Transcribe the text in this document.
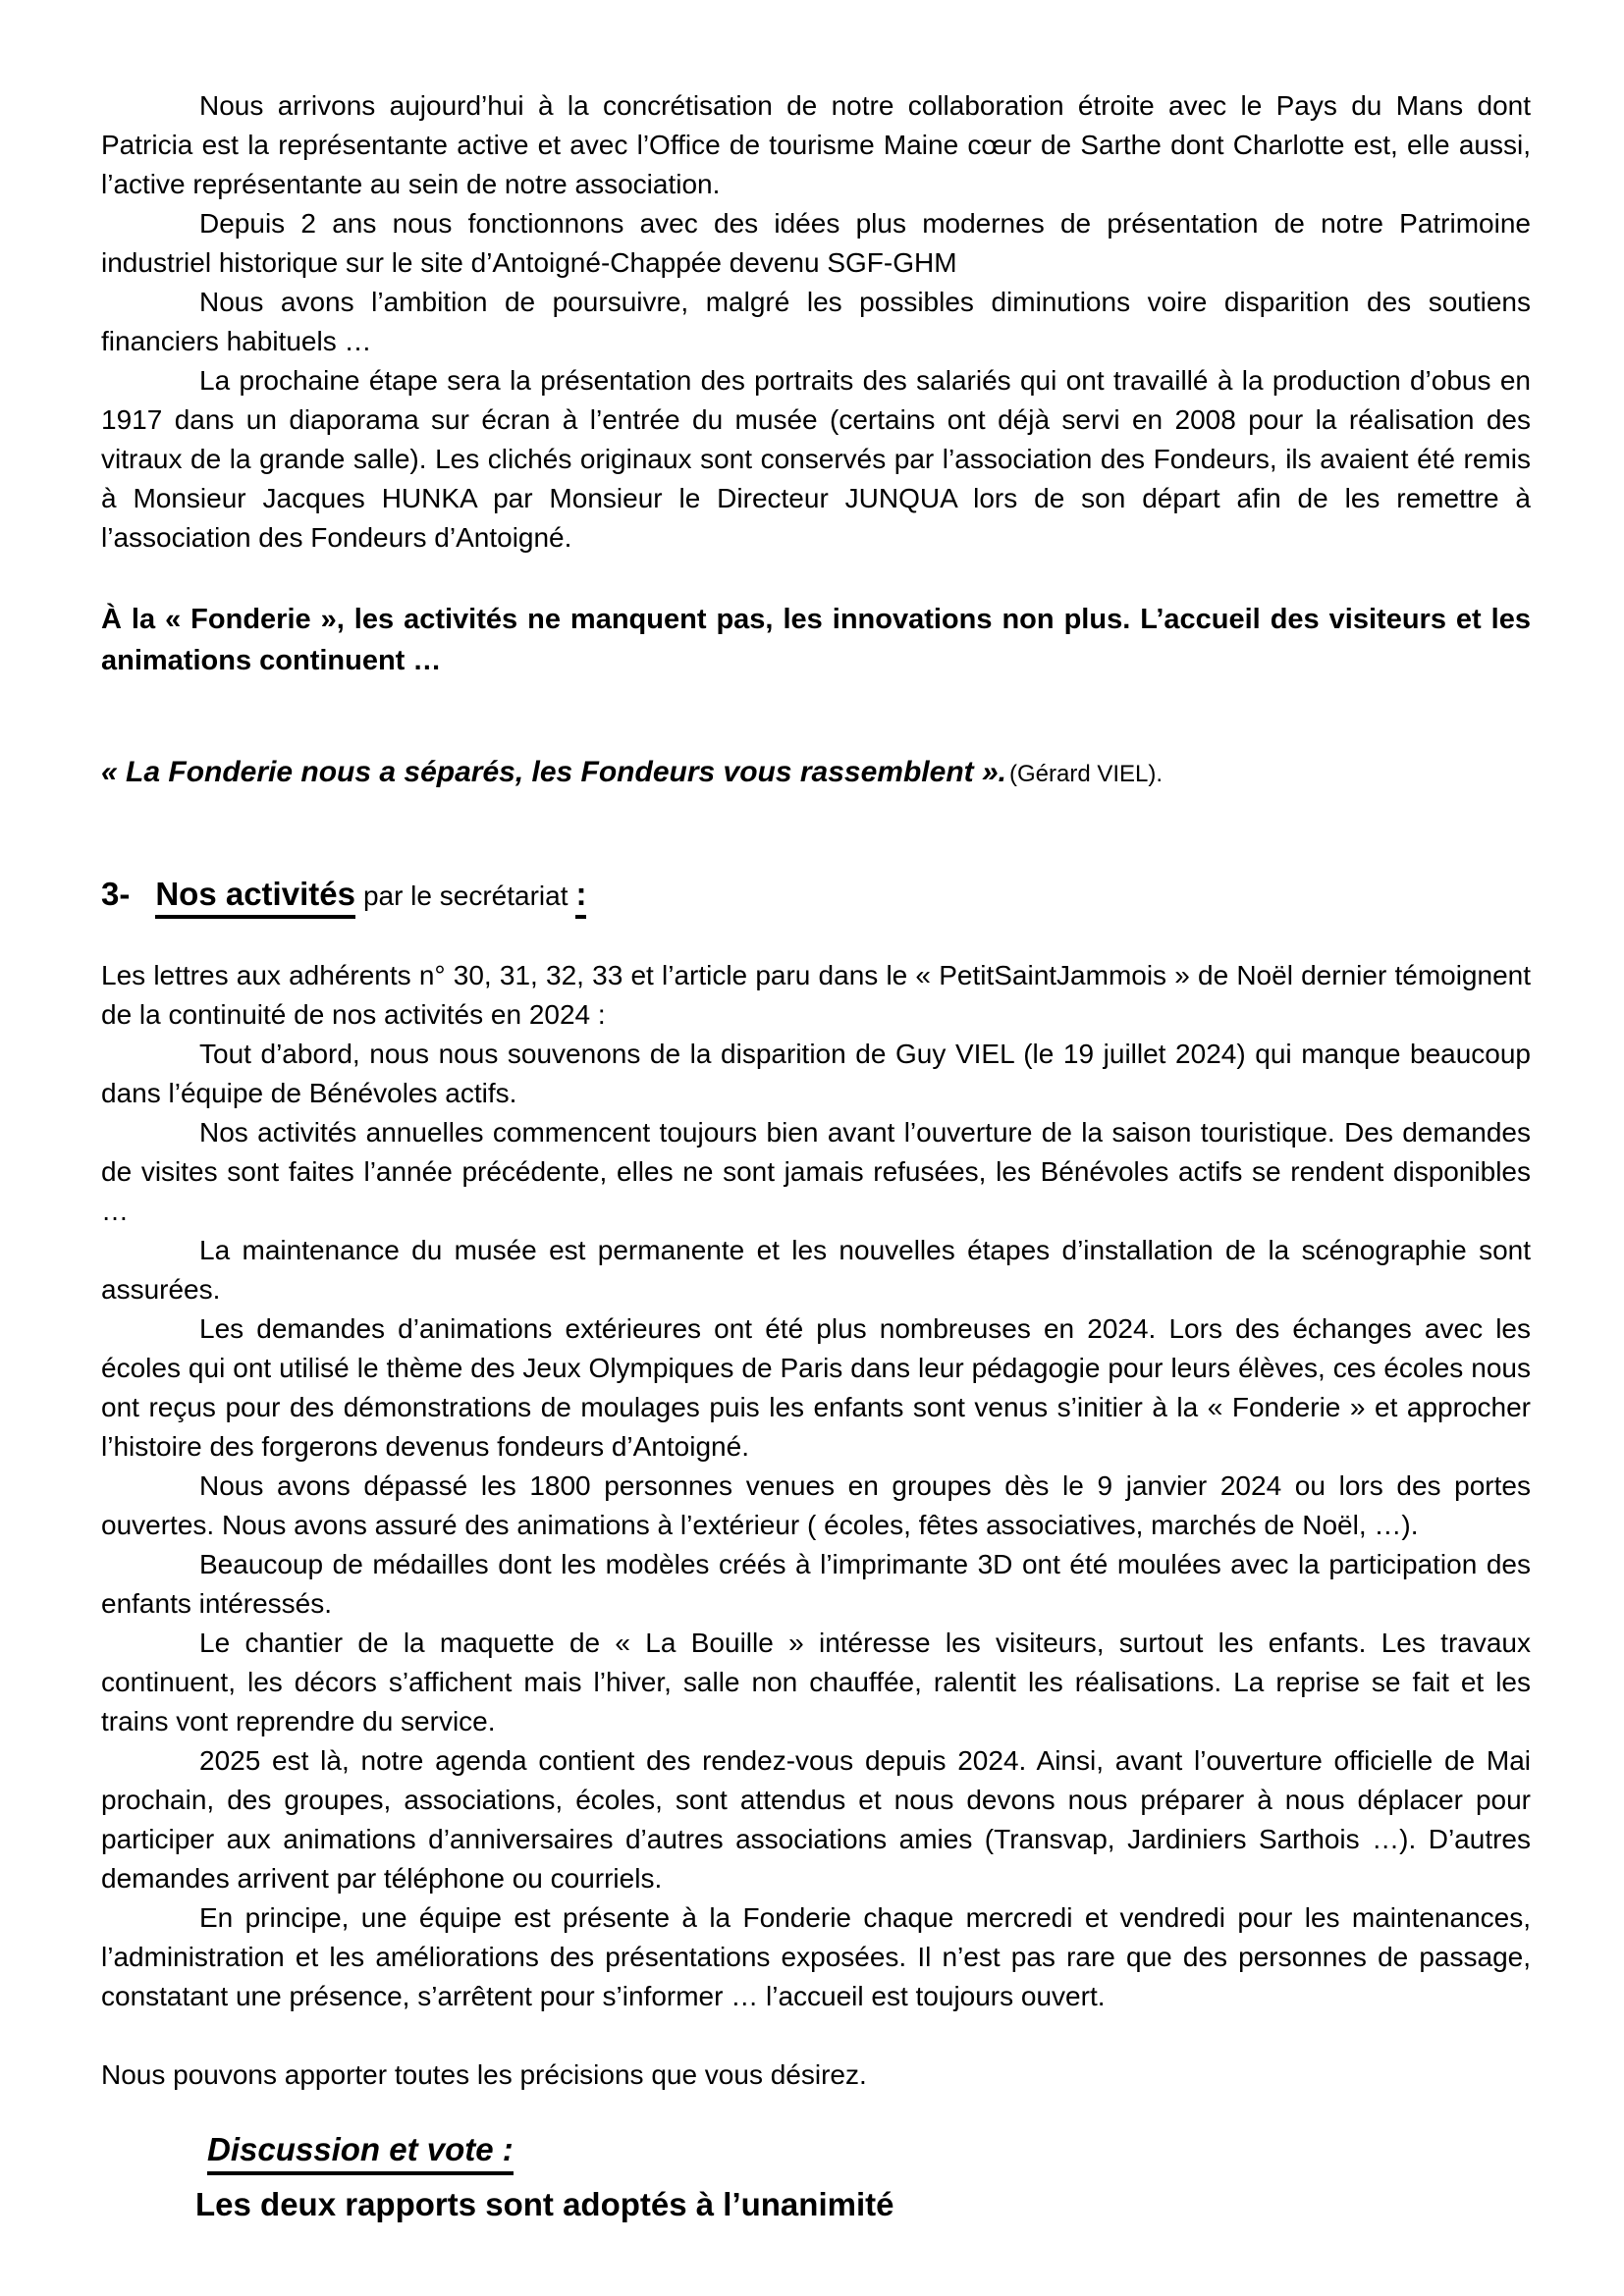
Nous arrivons aujourd’hui à la concrétisation de notre collaboration étroite avec le Pays du Mans dont Patricia est la représentante active et avec l’Office de tourisme Maine cœur de Sarthe dont Charlotte est, elle aussi, l’active représentante au sein de notre association.

Depuis 2 ans nous fonctionnons avec des idées plus modernes de présentation de notre Patrimoine industriel historique sur le site d’Antoigné-Chappée devenu SGF-GHM

Nous avons l’ambition de poursuivre, malgré les possibles diminutions voire disparition des soutiens financiers habituels …

La prochaine étape sera la présentation des portraits des salariés qui ont travaillé à la production d’obus en 1917 dans un diaporama sur écran à l’entrée du musée (certains ont déjà servi en 2008 pour la réalisation des vitraux de la grande salle). Les clichés originaux sont conservés par l’association des Fondeurs, ils avaient été remis à Monsieur Jacques HUNKA par Monsieur le Directeur JUNQUA lors de son départ afin de les remettre à l’association des Fondeurs d’Antoigné.

À la « Fonderie », les activités ne manquent pas, les innovations non plus. L’accueil des visiteurs et les animations continuent …
« La Fonderie nous a séparés, les Fondeurs vous rassemblent ». (Gérard VIEL).
3- Nos activités par le secrétariat :

Les lettres aux adhérents n° 30, 31, 32, 33 et l’article paru dans le « PetitSaintJammois » de Noël dernier témoignent de la continuité de nos activités en 2024 :

Tout d’abord, nous nous souvenons de la disparition de Guy VIEL (le 19 juillet 2024) qui manque beaucoup dans l’équipe de Bénévoles actifs.

Nos activités annuelles commencent toujours bien avant l’ouverture de la saison touristique. Des demandes de visites sont faites l’année précédente, elles ne sont jamais refusées, les Bénévoles actifs se rendent disponibles …

La maintenance du musée est permanente et les nouvelles étapes d’installation de la scénographie sont assurées.

Les demandes d’animations extérieures ont été plus nombreuses en 2024. Lors des échanges avec les écoles qui ont utilisé le thème des Jeux Olympiques de Paris dans leur pédagogie pour leurs élèves, ces écoles nous ont reçus pour des démonstrations de moulages puis les enfants sont venus s’initier à la « Fonderie » et approcher l’histoire des forgerons devenus fondeurs d’Antoigné.

Nous avons dépassé les 1800 personnes venues en groupes dès le 9 janvier 2024 ou lors des portes ouvertes. Nous avons assuré des animations à l’extérieur ( écoles, fêtes associatives, marchés de Noël, …).

Beaucoup de médailles dont les modèles créés à l’imprimante 3D ont été moulées avec la participation des enfants intéressés.

Le chantier de la maquette de « La Bouille » intéresse les visiteurs, surtout les enfants. Les travaux continuent, les décors s’affichent mais l’hiver, salle non chauffée, ralentit les réalisations. La reprise se fait et les trains vont reprendre du service.

2025 est là, notre agenda contient des rendez-vous depuis 2024. Ainsi, avant l’ouverture officielle de Mai prochain, des groupes, associations, écoles, sont attendus et nous devons nous préparer à nous déplacer pour participer aux animations d’anniversaires d’autres associations amies (Transvap, Jardiniers Sarthois …). D’autres demandes arrivent par téléphone ou courriels.

En principe, une équipe est présente à la Fonderie chaque mercredi et vendredi pour les maintenances, l’administration et les améliorations des présentations exposées. Il n’est pas rare que des personnes de passage, constatant une présence, s’arrêtent pour s’informer … l’accueil est toujours ouvert.

Nous pouvons apporter toutes les précisions que vous désirez.

Discussion et vote :
Les deux rapports sont adoptés à l’unanimité
